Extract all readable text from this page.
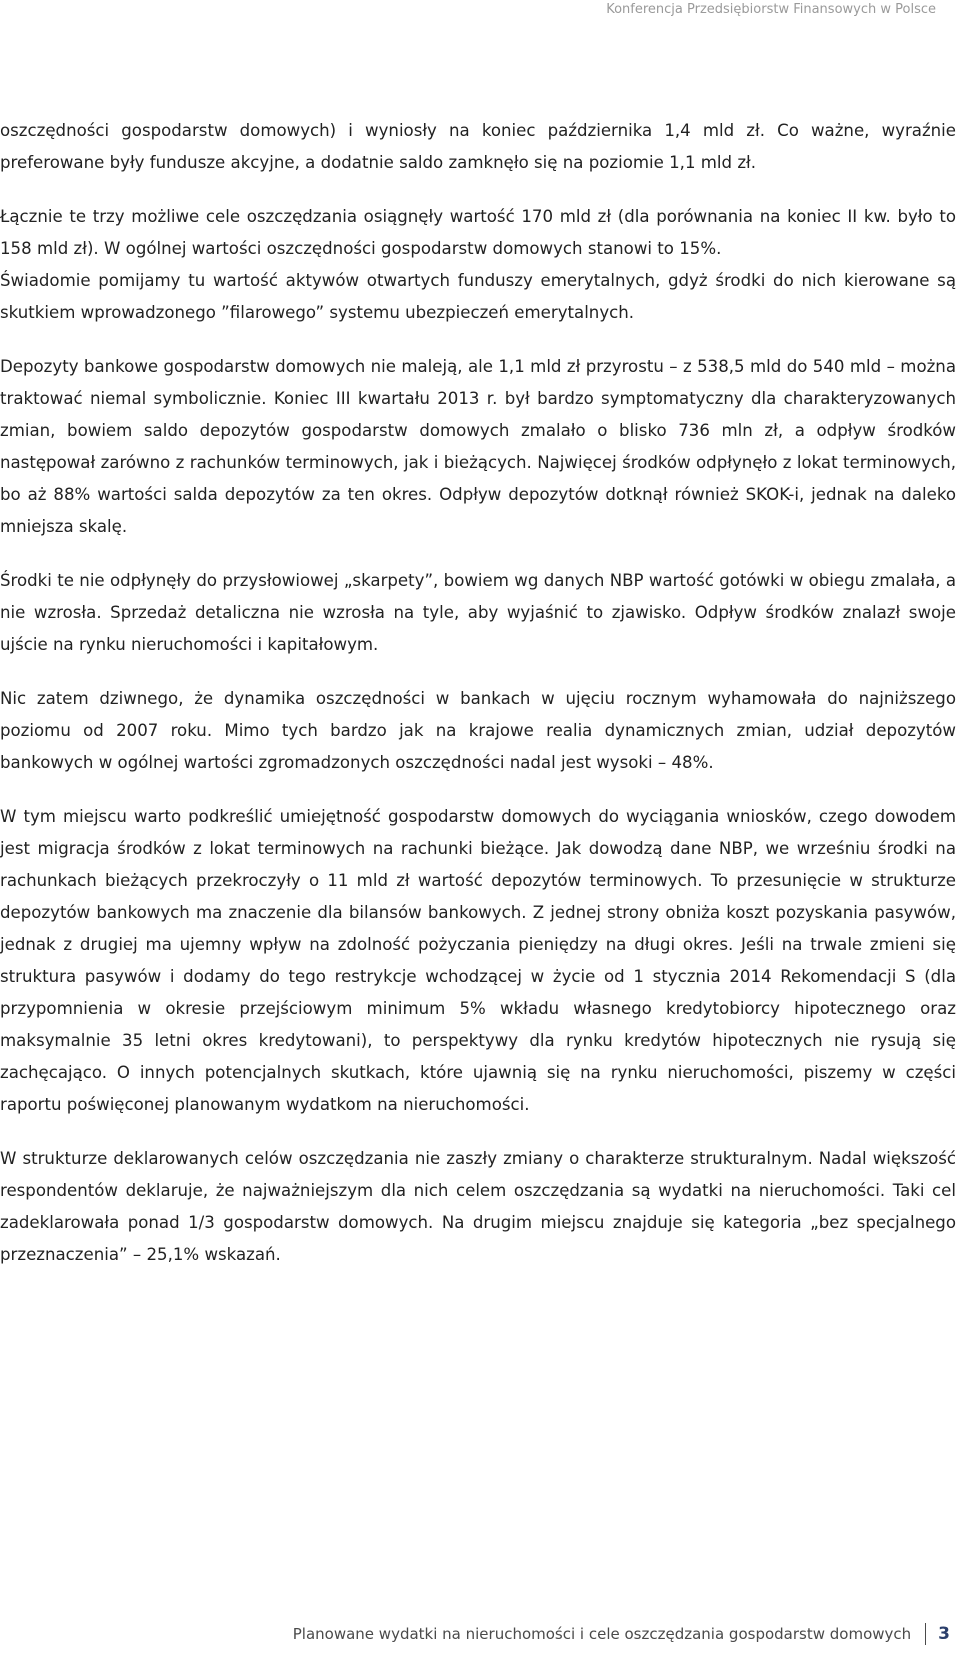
Konferencja Przedsiębiorstw Finansowych w Polsce

oszczędności gospodarstw domowych) i wyniosły na koniec października 1,4 mld zł. Co ważne, wyraźnie preferowane były fundusze akcyjne, a dodatnie saldo zamknęło się na poziomie 1,1 mld zł.

Łącznie te trzy możliwe cele oszczędzania osiągnęły wartość 170 mld zł (dla porównania na koniec II kw. było to 158 mld zł). W ogólnej wartości oszczędności gospodarstw domowych stanowi to 15%.

Świadomie pomijamy tu wartość aktywów otwartych funduszy emerytalnych, gdyż środki do nich kierowane są skutkiem wprowadzonego ”filarowego” systemu ubezpieczeń emerytalnych.

Depozyty bankowe gospodarstw domowych nie maleją, ale 1,1 mld zł przyrostu – z 538,5 mld do 540 mld – można traktować niemal symbolicznie. Koniec III kwartału 2013 r. był bardzo symptomatyczny dla charakteryzowanych zmian, bowiem saldo depozytów gospodarstw domowych zmalało o blisko 736 mln zł, a odpływ środków następował zarówno z rachunków terminowych, jak i bieżących. Najwięcej środków odpłynęło z lokat terminowych, bo aż 88% wartości salda depozytów za ten okres. Odpływ depozytów dotknął również SKOK-i, jednak na daleko mniejsza skalę.

Środki te nie odpłynęły do przysłowiowej „skarpety”, bowiem wg danych NBP wartość gotówki w obiegu zmalała, a nie wzrosła. Sprzedaż detaliczna nie wzrosła na tyle, aby wyjaśnić to zjawisko. Odpływ środków znalazł swoje ujście na rynku nieruchomości i kapitałowym.

Nic zatem dziwnego, że dynamika oszczędności w bankach w ujęciu rocznym wyhamowała do najniższego poziomu od 2007 roku. Mimo tych bardzo jak na krajowe realia dynamicznych zmian, udział depozytów bankowych w ogólnej wartości zgromadzonych oszczędności nadal jest wysoki – 48%.

W tym miejscu warto podkreślić umiejętność gospodarstw domowych do wyciągania wniosków, czego dowodem jest migracja środków z lokat terminowych na rachunki bieżące. Jak dowodzą dane NBP, we wrześniu środki na rachunkach bieżących przekroczyły o 11 mld zł wartość depozytów terminowych. To przesunięcie w strukturze depozytów bankowych ma znaczenie dla bilansów bankowych. Z jednej strony obniża koszt pozyskania pasywów, jednak z drugiej ma ujemny wpływ na zdolność pożyczania pieniędzy na długi okres. Jeśli na trwale zmieni się struktura pasywów i dodamy do tego restrykcje wchodzącej w życie od 1 stycznia 2014 Rekomendacji S (dla przypomnienia w okresie przejściowym minimum 5% wkładu własnego kredytobiorcy hipotecznego oraz maksymalnie 35 letni okres kredytowani), to perspektywy dla rynku kredytów hipotecznych nie rysują się zachęcająco. O innych potencjalnych skutkach, które ujawnią się na rynku nieruchomości, piszemy w części raportu poświęconej planowanym wydatkom na nieruchomości.

W strukturze deklarowanych celów oszczędzania nie zaszły zmiany o charakterze strukturalnym. Nadal większość respondentów deklaruje, że najważniejszym dla nich celem oszczędzania są wydatki na nieruchomości. Taki cel zadeklarowała ponad 1/3 gospodarstw domowych. Na drugim miejscu znajduje się kategoria „bez specjalnego przeznaczenia” – 25,1% wskazań.

Planowane wydatki na nieruchomości i cele oszczędzania gospodarstw domowych 3
